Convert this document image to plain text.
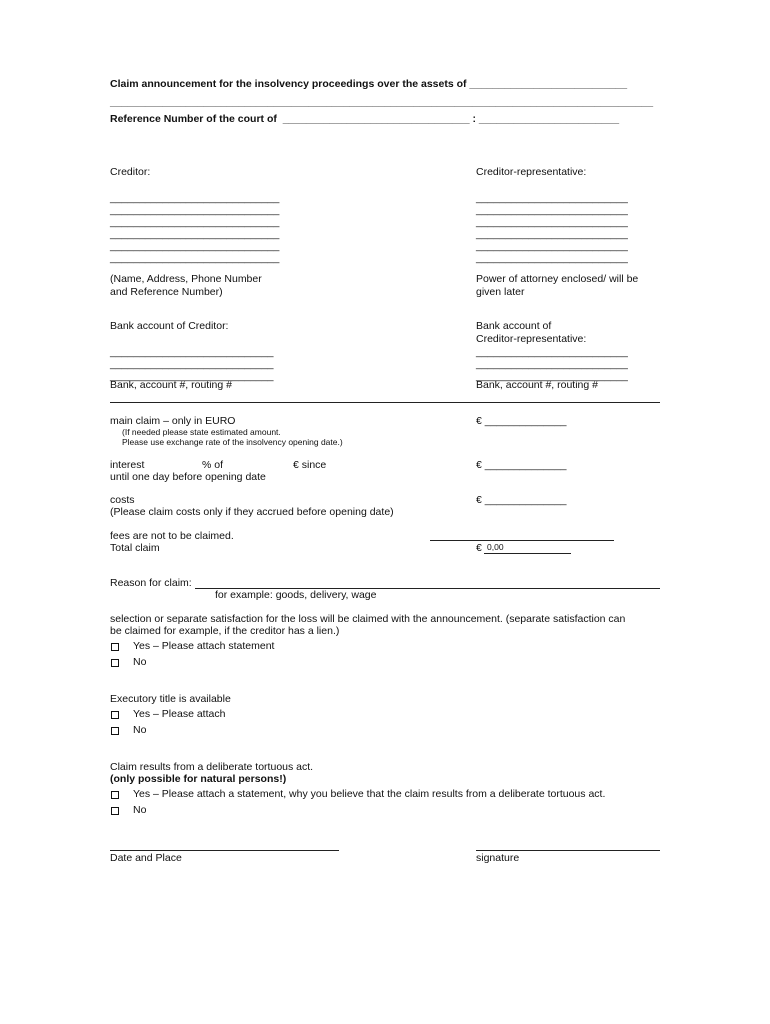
Claim announcement for the insolvency proceedings over the assets of ___________________________
_____________________________________________________________________________________________
Reference Number of the court of  ________________________________ : ________________________
Creditor:	Creditor-representative:
_____________________________
_____________________________
_____________________________
_____________________________
_____________________________
_____________________________
__________________________
__________________________
__________________________
__________________________
__________________________
__________________________
(Name, Address, Phone Number
and Reference Number)
Power of attorney enclosed/ will be
given later
Bank account of Creditor:	Bank account of
Creditor-representative:
____________________________
____________________________
____________________________
__________________________
__________________________
__________________________
Bank, account #, routing #	Bank, account #, routing #
main claim – only in EURO
(If needed please state estimated amount.
Please use exchange rate of the insolvency opening date.)
€ ______________
interest	% of	€ since
until one day before opening date
€ ______________
costs
(Please claim costs only if they accrued before opening date)
€ ______________
fees are not to be claimed.
Total claim	€ 0,00
Reason for claim:
for example: goods, delivery, wage
selection or separate satisfaction for the loss will be claimed with the announcement. (separate satisfaction can
be claimed for example, if the creditor has a lien.)
Yes – Please attach statement
No
Executory title is available
Yes – Please attach
No
Claim results from a deliberate tortuous act.
(only possible for natural persons!)
Yes – Please attach a statement, why you believe that the claim results from a deliberate tortuous act.
No
Date and Place	signature
